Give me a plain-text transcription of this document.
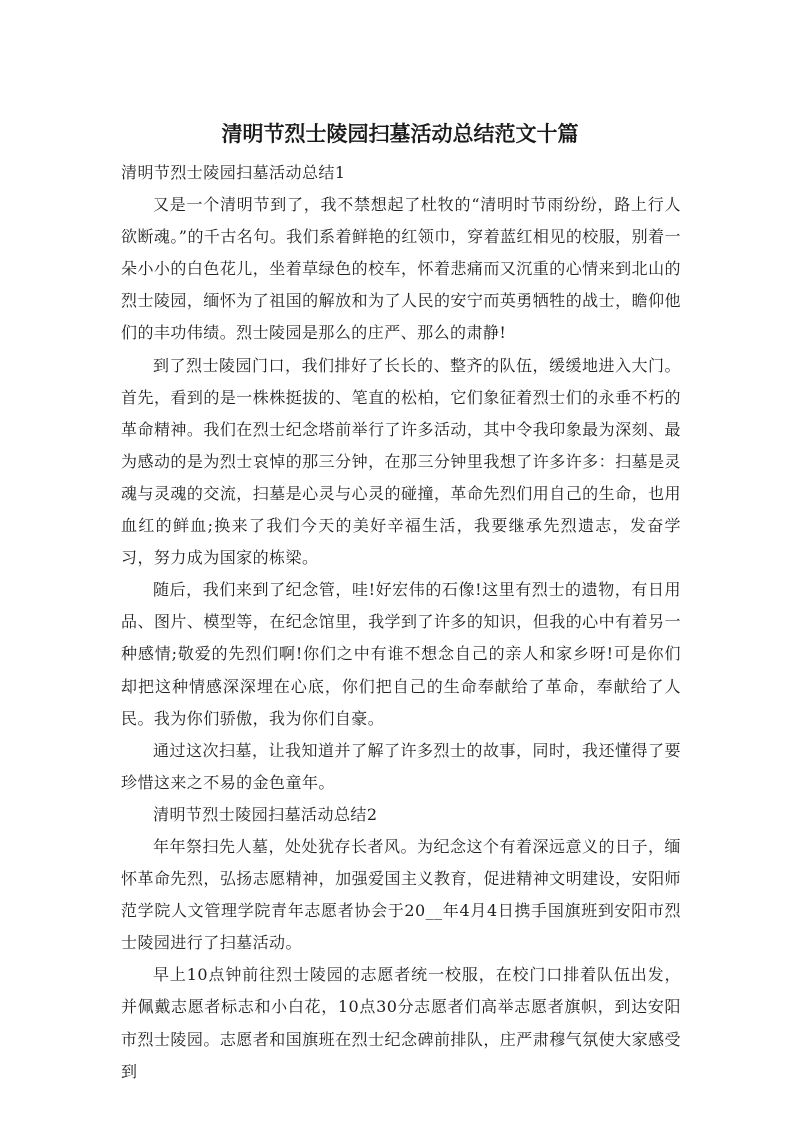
清明节烈士陵园扫墓活动总结范文十篇

清明节烈士陵园扫墓活动总结1

又是一个清明节到了，我不禁想起了杜牧的“清明时节雨纷纷，路上行人欲断魂。”的千古名句。我们系着鲜艳的红领巾，穿着蓝红相见的校服，别着一朵小小的白色花儿，坐着草绿色的校车，怀着悲痛而又沉重的心情来到北山的烈士陵园，缅怀为了祖国的解放和为了人民的安宁而英勇牺牲的战士，瞻仰他们的丰功伟绩。烈士陵园是那么的庄严、那么的肃静!

到了烈士陵园门口，我们排好了长长的、整齐的队伍，缓缓地进入大门。首先，看到的是一株株挺拔的、笔直的松柏，它们象征着烈士们的永垂不朽的革命精神。我们在烈士纪念塔前举行了许多活动，其中令我印象最为深刻、最为感动的是为烈士哀悼的那三分钟，在那三分钟里我想了许多许多：扫墓是灵魂与灵魂的交流，扫墓是心灵与心灵的碰撞，革命先烈们用自己的生命，也用血红的鲜血;换来了我们今天的美好辛福生活，我要继承先烈遗志，发奋学习，努力成为国家的栋梁。

随后，我们来到了纪念管，哇!好宏伟的石像!这里有烈士的遗物，有日用品、图片、模型等，在纪念馆里，我学到了许多的知识，但我的心中有着另一种感情;敬爱的先烈们啊!你们之中有谁不想念自己的亲人和家乡呀!可是你们却把这种情感深深埋在心底，你们把自己的生命奉献给了革命，奉献给了人民。我为你们骄傲，我为你们自豪。

通过这次扫墓，让我知道并了解了许多烈士的故事，同时，我还懂得了要珍惜这来之不易的金色童年。

清明节烈士陵园扫墓活动总结2

年年祭扫先人墓，处处犹存长者风。为纪念这个有着深远意义的日子，缅怀革命先烈，弘扬志愿精神，加强爱国主义教育，促进精神文明建设，安阳师范学院人文管理学院青年志愿者协会于20__年4月4日携手国旗班到安阳市烈士陵园进行了扫墓活动。

早上10点钟前往烈士陵园的志愿者统一校服，在校门口排着队伍出发，并佩戴志愿者标志和小白花，10点30分志愿者们高举志愿者旗帜，到达安阳市烈士陵园。志愿者和国旗班在烈士纪念碑前排队，庄严肃穆气氛使大家感受到
